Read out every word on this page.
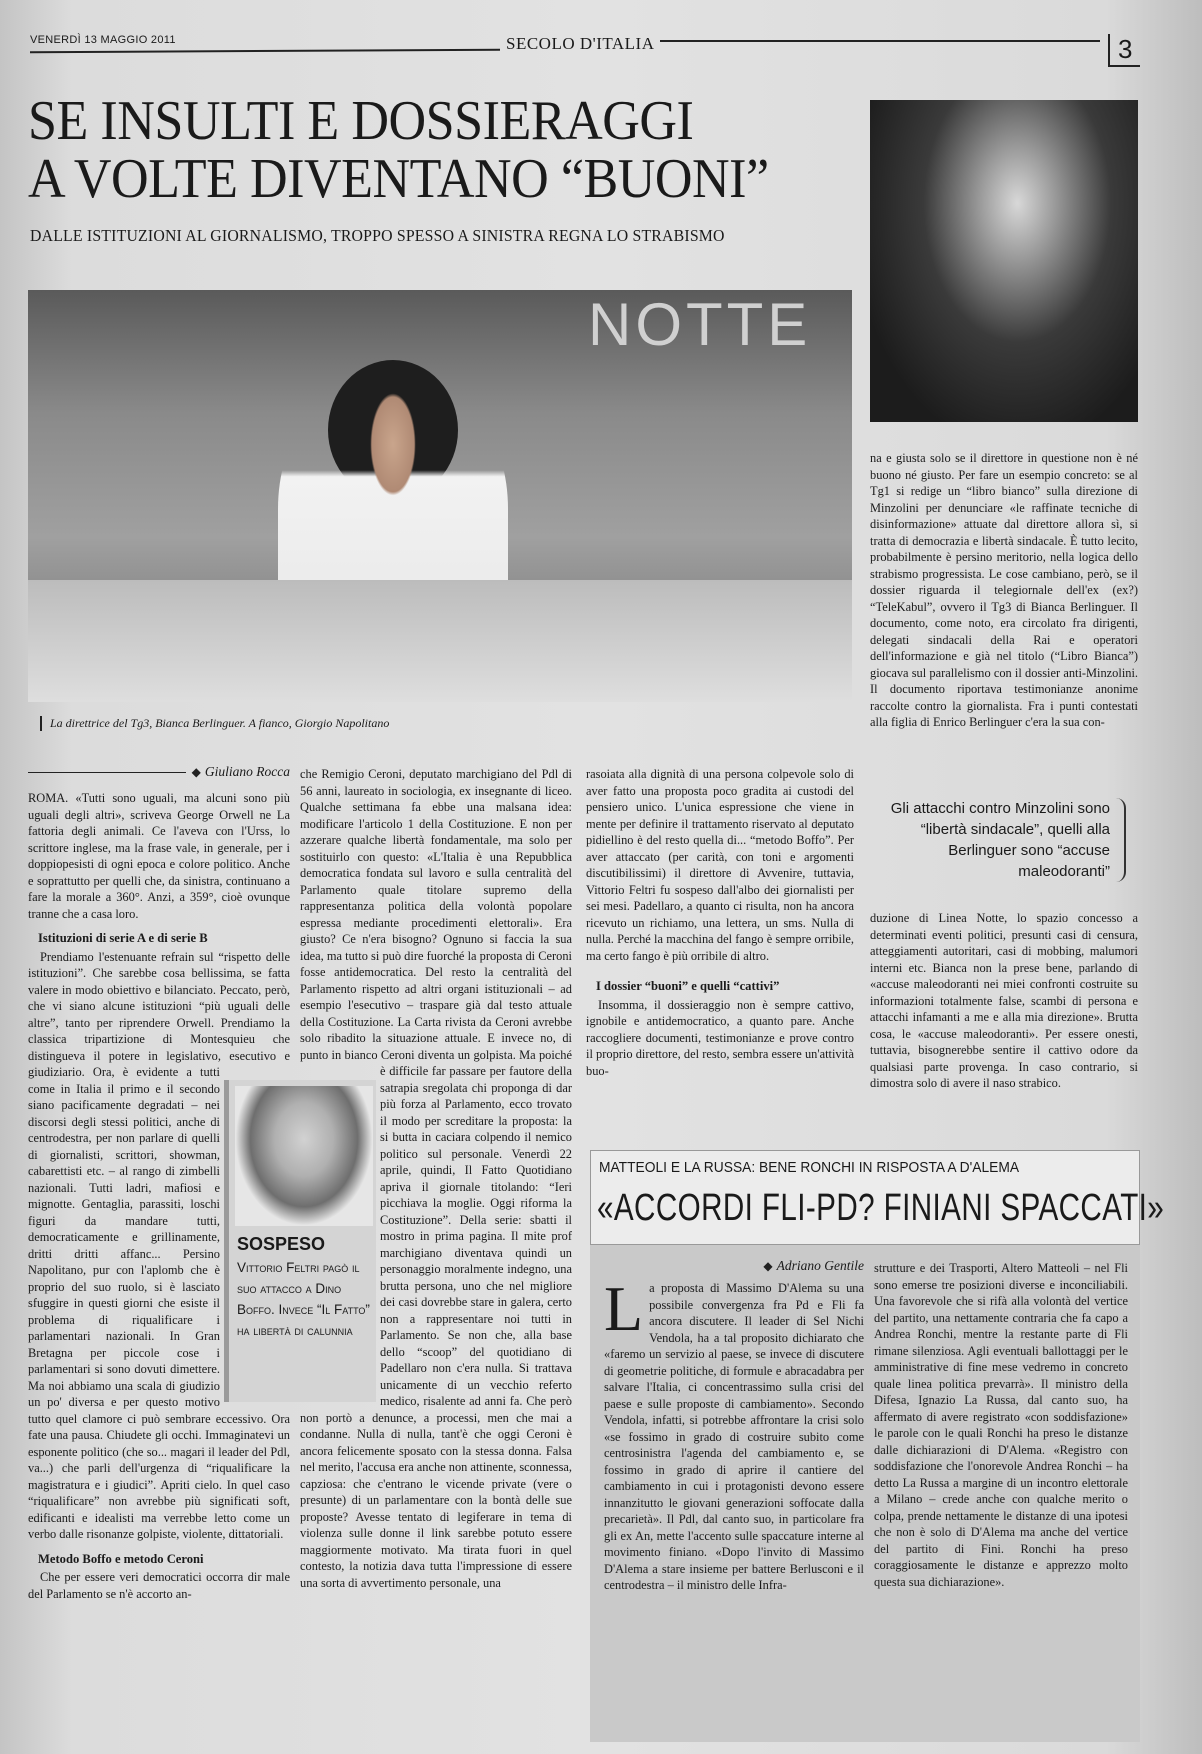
VENERDÌ 13 MAGGIO 2011	SECOLO D'ITALIA	3
SE INSULTI E DOSSIERAGGI
A VOLTE DIVENTANO “BUONI”
DALLE ISTITUZIONI AL GIORNALISMO, TROPPO SPESSO A SINISTRA REGNA LO STRABISMO
NOTTE
La direttrice del Tg3, Bianca Berlinguer. A fianco, Giorgio Napolitano
◆ Giuliano Rocca

ROMA. «Tutti sono uguali, ma alcuni sono più uguali degli altri», scriveva George Orwell ne La fattoria degli animali. Ce l'aveva con l'Urss, lo scrittore inglese, ma la frase vale, in generale, per i doppiopesisti di ogni epoca e colore politico. Anche e soprattutto per quelli che, da sinistra, continuano a fare la morale a 360°. Anzi, a 359°, cioè ovunque tranne che a casa loro.

Istituzioni di serie A e di serie B

Prendiamo l'estenuante refrain sul “rispetto delle istituzioni”. Che sarebbe cosa bellissima, se fatta valere in modo obiettivo e bilanciato. Peccato, però, che vi siano alcune istituzioni “più uguali delle altre”, tanto per riprendere Orwell. Prendiamo la classica tripartizione di Montesquieu che distingueva il potere in legislativo, esecutivo e giudiziario. Ora, è evidente a tutti come in Italia il primo e il secondo siano pacificamente degradati – nei discorsi degli stessi politici, anche di centrodestra, per non parlare di quelli di giornalisti, scrittori, showman, cabarettisti etc. – al rango di zimbelli nazionali. Tutti ladri, mafiosi e mignotte. Gentaglia, parassiti, loschi figuri da mandare tutti, democraticamente e grillinamente, dritti dritti affanc... Persino Napolitano, pur con l'aplomb che è proprio del suo ruolo, si è lasciato sfuggire in questi giorni che esiste il problema di riqualificare i parlamentari nazionali. In Gran Bretagna per piccole cose i parlamentari si sono dovuti dimettere. Ma noi abbiamo una scala di giudizio un po' diversa e per questo motivo tutto quel clamore ci può sembrare eccessivo. Ora fate una pausa. Chiudete gli occhi. Immaginatevi un esponente politico (che so... magari il leader del Pdl, va...) che parli dell'urgenza di “riqualificare la magistratura e i giudici”. Apriti cielo. In quel caso “riqualificare” non avrebbe più significati soft, edificanti e idealisti ma verrebbe letto come un verbo dalle risonanze golpiste, violente, dittatoriali.

Metodo Boffo e metodo Ceroni

Che per essere veri democratici occorra dir male del Parlamento se n'è accorto an-

che Remigio Ceroni, deputato marchigiano del Pdl di 56 anni, laureato in sociologia, ex insegnante di liceo. Qualche settimana fa ebbe una malsana idea: modificare l'articolo 1 della Costituzione. E non per azzerare qualche libertà fondamentale, ma solo per sostituirlo con questo: «L'Italia è una Repubblica democratica fondata sul lavoro e sulla centralità del Parlamento quale titolare supremo della rappresentanza politica della volontà popolare espressa mediante procedimenti elettorali». Era giusto? Ce n'era bisogno? Ognuno si faccia la sua idea, ma tutto si può dire fuorché la proposta di Ceroni fosse antidemocratica. Del resto la centralità del Parlamento rispetto ad altri organi istituzionali – ad esempio l'esecutivo – traspare già dal testo attuale della Costituzione. La Carta rivista da Ceroni avrebbe solo ribadito la situazione attuale. E invece no, di punto in bianco Ceroni diventa un golpista. Ma poiché è difficile far passare per fautore della satrapia sregolata chi proponga di dar più forza al Parlamento, ecco trovato il modo per screditare la proposta: la si butta in caciara colpendo il nemico politico sul personale. Venerdì 22 aprile, quindi, Il Fatto Quotidiano apriva il giornale titolando: “Ieri picchiava la moglie. Oggi riforma la Costituzione”. Della serie: sbatti il mostro in prima pagina. Il mite prof marchigiano diventava quindi un personaggio moralmente indegno, una brutta persona, uno che nel migliore dei casi dovrebbe stare in galera, certo non a rappresentare noi tutti in Parlamento. Se non che, alla base dello “scoop” del quotidiano di Padellaro non c'era nulla. Si trattava unicamente di un vecchio referto medico, risalente ad anni fa. Che però non portò a denunce, a processi, men che mai a condanne. Nulla di nulla, tant'è che oggi Ceroni è ancora felicemente sposato con la stessa donna. Falsa nel merito, l'accusa era anche non attinente, sconnessa, capziosa: che c'entrano le vicende private (vere o presunte) di un parlamentare con la bontà delle sue proposte? Avesse tentato di legiferare in tema di violenza sulle donne il link sarebbe potuto essere maggiormente motivato. Ma tirata fuori in quel contesto, la notizia dava tutta l'impressione di essere una sorta di avvertimento personale, una

SOSPESO
Vittorio Feltri pagò il suo attacco a Dino Boffo. Invece “Il Fatto” ha libertà di calunnia

rasoiata alla dignità di una persona colpevole solo di aver fatto una proposta poco gradita ai custodi del pensiero unico. L'unica espressione che viene in mente per definire il trattamento riservato al deputato pidiellino è del resto quella di... “metodo Boffo”. Per aver attaccato (per carità, con toni e argomenti discutibilissimi) il direttore di Avvenire, tuttavia, Vittorio Feltri fu sospeso dall'albo dei giornalisti per sei mesi. Padellaro, a quanto ci risulta, non ha ancora ricevuto un richiamo, una lettera, un sms. Nulla di nulla. Perché la macchina del fango è sempre orribile, ma certo fango è più orribile di altro.

I dossier “buoni” e quelli “cattivi”

Insomma, il dossieraggio non è sempre cattivo, ignobile e antidemocratico, a quanto pare. Anche raccogliere documenti, testimonianze e prove contro il proprio direttore, del resto, sembra essere un'attività buo-

na e giusta solo se il direttore in questione non è né buono né giusto. Per fare un esempio concreto: se al Tg1 si redige un “libro bianco” sulla direzione di Minzolini per denunciare «le raffinate tecniche di disinformazione» attuate dal direttore allora sì, si tratta di democrazia e libertà sindacale. È tutto lecito, probabilmente è persino meritorio, nella logica dello strabismo progressista. Le cose cambiano, però, se il dossier riguarda il telegiornale dell'ex (ex?) “TeleKabul”, ovvero il Tg3 di Bianca Berlinguer. Il documento, come noto, era circolato fra dirigenti, delegati sindacali della Rai e operatori dell'informazione e già nel titolo (“Libro Bianca”) giocava sul parallelismo con il dossier anti-Minzolini. Il documento riportava testimonianze anonime raccolte contro la giornalista. Fra i punti contestati alla figlia di Enrico Berlinguer c'era la sua con-

Gli attacchi contro Minzolini sono “libertà sindacale”, quelli alla Berlinguer sono “accuse maleodoranti”

duzione di Linea Notte, lo spazio concesso a determinati eventi politici, presunti casi di censura, atteggiamenti autoritari, casi di mobbing, malumori interni etc. Bianca non la prese bene, parlando di «accuse maleodoranti nei miei confronti costruite su informazioni totalmente false, scambi di persona e attacchi infamanti a me e alla mia direzione». Brutta cosa, le «accuse maleodoranti». Per essere onesti, tuttavia, bisognerebbe sentire il cattivo odore da qualsiasi parte provenga. In caso contrario, si dimostra solo di avere il naso strabico.

MATTEOLI E LA RUSSA: BENE RONCHI IN RISPOSTA A D'ALEMA
«ACCORDI FLI-PD? FINIANI SPACCATI»
◆ Adriano Gentile
L a proposta di Massimo D'Alema su una possibile convergenza fra Pd e Fli fa ancora discutere. Il leader di Sel Nichi Vendola, ha a tal proposito dichiarato che «faremo un servizio al paese, se invece di discutere di geometrie politiche, di formule e abracadabra per salvare l'Italia, ci concentrassimo sulla crisi del paese e sulle proposte di cambiamento». Secondo Vendola, infatti, si potrebbe affrontare la crisi solo «se fossimo in grado di costruire subito come centrosinistra l'agenda del cambiamento e, se fossimo in grado di aprire il cantiere del cambiamento in cui i protagonisti devono essere innanzitutto le giovani generazioni soffocate dalla precarietà». Il Pdl, dal canto suo, in particolare fra gli ex An, mette l'accento sulle spaccature interne al movimento finiano. «Dopo l'invito di Massimo D'Alema a stare insieme per battere Berlusconi e il centrodestra – il ministro delle Infra-

strutture e dei Trasporti, Altero Matteoli – nel Fli sono emerse tre posizioni diverse e inconciliabili. Una favorevole che si rifà alla volontà del vertice del partito, una nettamente contraria che fa capo a Andrea Ronchi, mentre la restante parte di Fli rimane silenziosa. Agli eventuali ballottaggi per le amministrative di fine mese vedremo in concreto quale linea politica prevarrà». Il ministro della Difesa, Ignazio La Russa, dal canto suo, ha affermato di avere registrato «con soddisfazione» le parole con le quali Ronchi ha preso le distanze dalle dichiarazioni di D'Alema. «Registro con soddisfazione che l'onorevole Andrea Ronchi – ha detto La Russa a margine di un incontro elettorale a Milano – crede anche con qualche merito o colpa, prende nettamente le distanze di una ipotesi che non è solo di D'Alema ma anche del vertice del partito di Fini. Ronchi ha preso coraggiosamente le distanze e apprezzo molto questa sua dichiarazione».
